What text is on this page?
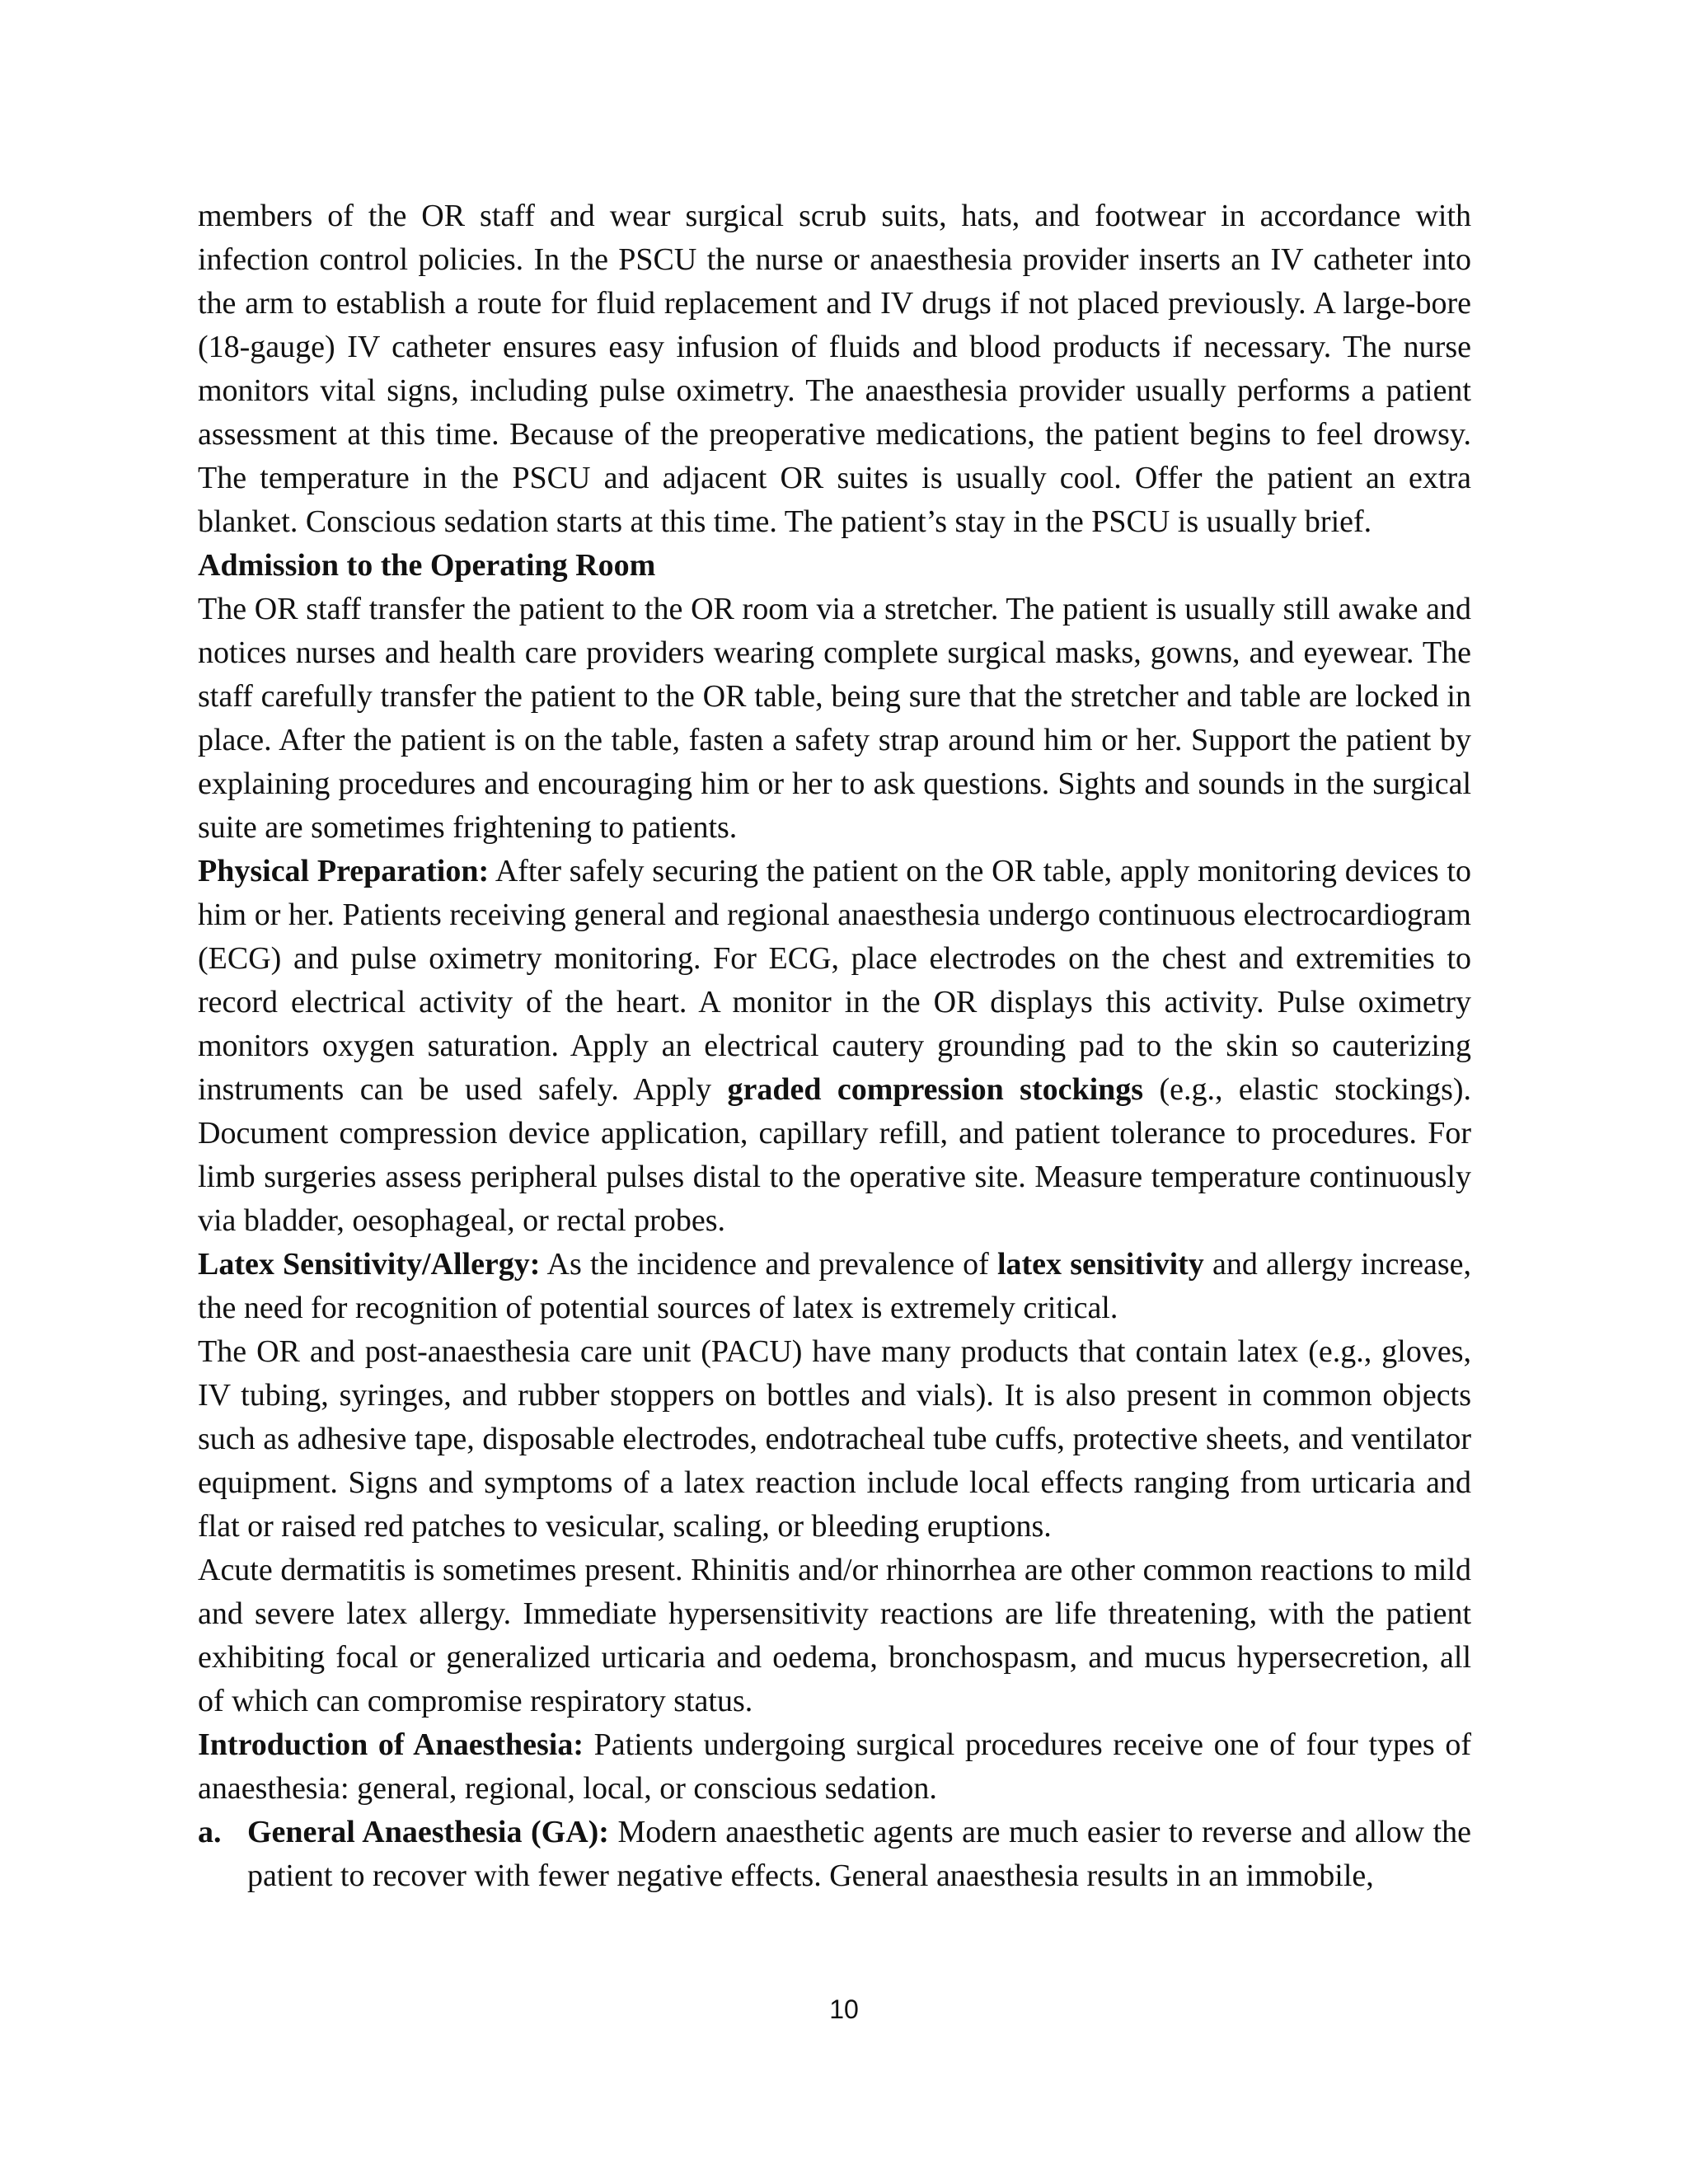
members of the OR staff and wear surgical scrub suits, hats, and footwear in accordance with infection control policies. In the PSCU the nurse or anaesthesia provider inserts an IV catheter into the arm to establish a route for fluid replacement and IV drugs if not placed previously. A large-bore (18-gauge) IV catheter ensures easy infusion of fluids and blood products if necessary. The nurse monitors vital signs, including pulse oximetry. The anaesthesia provider usually performs a patient assessment at this time. Because of the preoperative medications, the patient begins to feel drowsy. The temperature in the PSCU and adjacent OR suites is usually cool. Offer the patient an extra blanket. Conscious sedation starts at this time. The patient’s stay in the PSCU is usually brief.

Admission to the Operating Room

The OR staff transfer the patient to the OR room via a stretcher. The patient is usually still awake and notices nurses and health care providers wearing complete surgical masks, gowns, and eyewear. The staff carefully transfer the patient to the OR table, being sure that the stretcher and table are locked in place. After the patient is on the table, fasten a safety strap around him or her. Support the patient by explaining procedures and encouraging him or her to ask questions. Sights and sounds in the surgical suite are sometimes frightening to patients.

Physical Preparation: After safely securing the patient on the OR table, apply monitoring devices to him or her. Patients receiving general and regional anaesthesia undergo continuous electrocardiogram (ECG) and pulse oximetry monitoring. For ECG, place electrodes on the chest and extremities to record electrical activity of the heart. A monitor in the OR displays this activity. Pulse oximetry monitors oxygen saturation. Apply an electrical cautery grounding pad to the skin so cauterizing instruments can be used safely. Apply graded compression stockings (e.g., elastic stockings). Document compression device application, capillary refill, and patient tolerance to procedures. For limb surgeries assess peripheral pulses distal to the operative site. Measure temperature continuously via bladder, oesophageal, or rectal probes.

Latex Sensitivity/Allergy: As the incidence and prevalence of latex sensitivity and allergy increase, the need for recognition of potential sources of latex is extremely critical.

The OR and post-anaesthesia care unit (PACU) have many products that contain latex (e.g., gloves, IV tubing, syringes, and rubber stoppers on bottles and vials). It is also present in common objects such as adhesive tape, disposable electrodes, endotracheal tube cuffs, protective sheets, and ventilator equipment. Signs and symptoms of a latex reaction include local effects ranging from urticaria and flat or raised red patches to vesicular, scaling, or bleeding eruptions.

Acute dermatitis is sometimes present. Rhinitis and/or rhinorrhea are other common reactions to mild and severe latex allergy. Immediate hypersensitivity reactions are life threatening, with the patient exhibiting focal or generalized urticaria and oedema, bronchospasm, and mucus hypersecretion, all of which can compromise respiratory status.

Introduction of Anaesthesia: Patients undergoing surgical procedures receive one of four types of anaesthesia: general, regional, local, or conscious sedation.

a. General Anaesthesia (GA): Modern anaesthetic agents are much easier to reverse and allow the patient to recover with fewer negative effects. General anaesthesia results in an immobile,
10
